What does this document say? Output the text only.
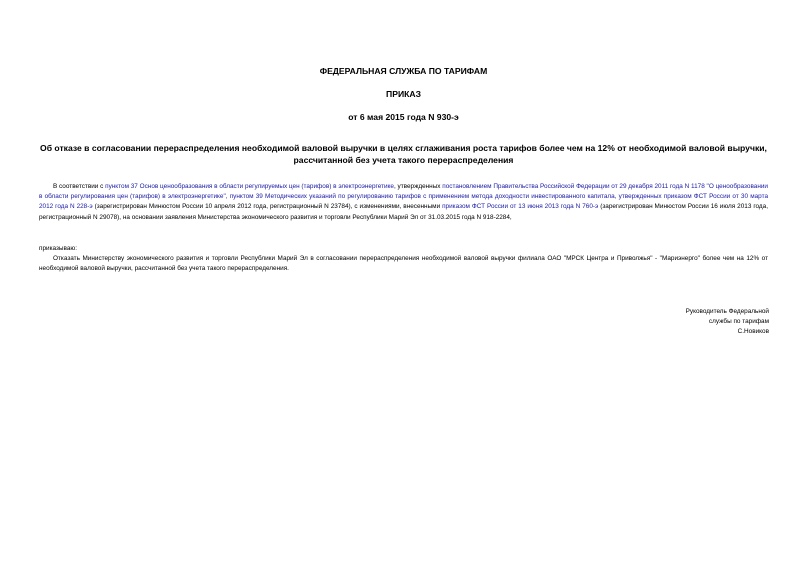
ФЕДЕРАЛЬНАЯ СЛУЖБА ПО ТАРИФАМ
ПРИКАЗ
от 6 мая 2015 года N 930-э
Об отказе в согласовании перераспределения необходимой валовой выручки в целях сглаживания роста тарифов более чем на 12% от необходимой валовой выручки, рассчитанной без учета такого перераспределения

В соответствии с пунктом 37 Основ ценообразования в области регулируемых цен (тарифов) в электроэнергетике, утвержденных постановлением Правительства Российской Федерации от 29 декабря 2011 года N 1178 "О ценообразовании в области регулирования цен (тарифов) в электроэнергетике", пунктом 39 Методических указаний по регулированию тарифов с применением метода доходности инвестированного капитала, утвержденных приказом ФСТ России от 30 марта 2012 года N 228-э (зарегистрирован Минюстом России 10 апреля 2012 года, регистрационный N 23784), с изменениями, внесенными приказом ФСТ России от 13 июня 2013 года N 760-э (зарегистрирован Минюстом России 16 июля 2013 года, регистрационный N 29078), на основании заявления Министерства экономического развития и торговли Республики Марий Эл от 31.03.2015 года N 918-2284,

приказываю:

Отказать Министерству экономического развития и торговли Республики Марий Эл в согласовании перераспределения необходимой валовой выручки филиала ОАО "МРСК Центра и Приволжья" - "Мариэнерго" более чем на 12% от необходимой валовой выручки, рассчитанной без учета такого перераспределения.

Руководитель Федеральной
службы по тарифам
С.Новиков
